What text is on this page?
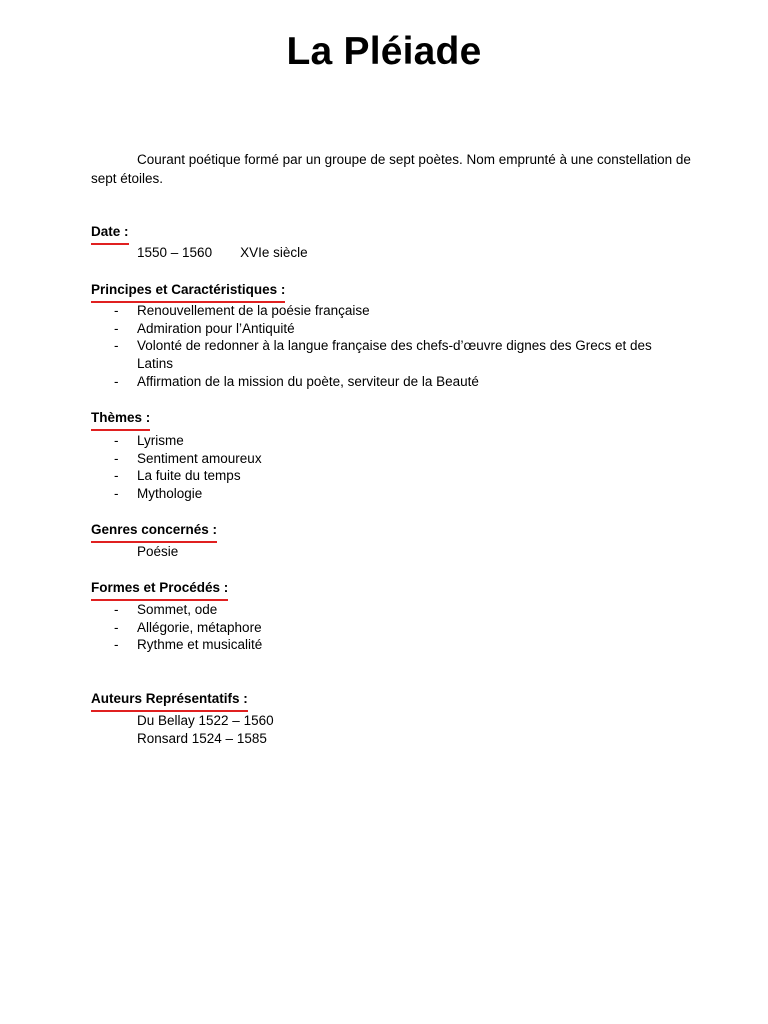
La Pléiade
Courant poétique formé par un groupe de sept poètes. Nom emprunté à une constellation de sept étoiles.
Date :
1550 – 1560 XVIe siècle
Principes et Caractéristiques :
- Renouvellement de la poésie française
- Admiration pour l’Antiquité
- Volonté de redonner à la langue française des chefs-d’œuvre dignes des Grecs et des Latins
- Affirmation de la mission du poète, serviteur de la Beauté
Thèmes :
- Lyrisme
- Sentiment amoureux
- La fuite du temps
- Mythologie
Genres concernés :
Poésie
Formes et Procédés :
- Sommet, ode
- Allégorie, métaphore
- Rythme et musicalité
Auteurs Représentatifs :
Du Bellay 1522 – 1560
Ronsard 1524 – 1585
